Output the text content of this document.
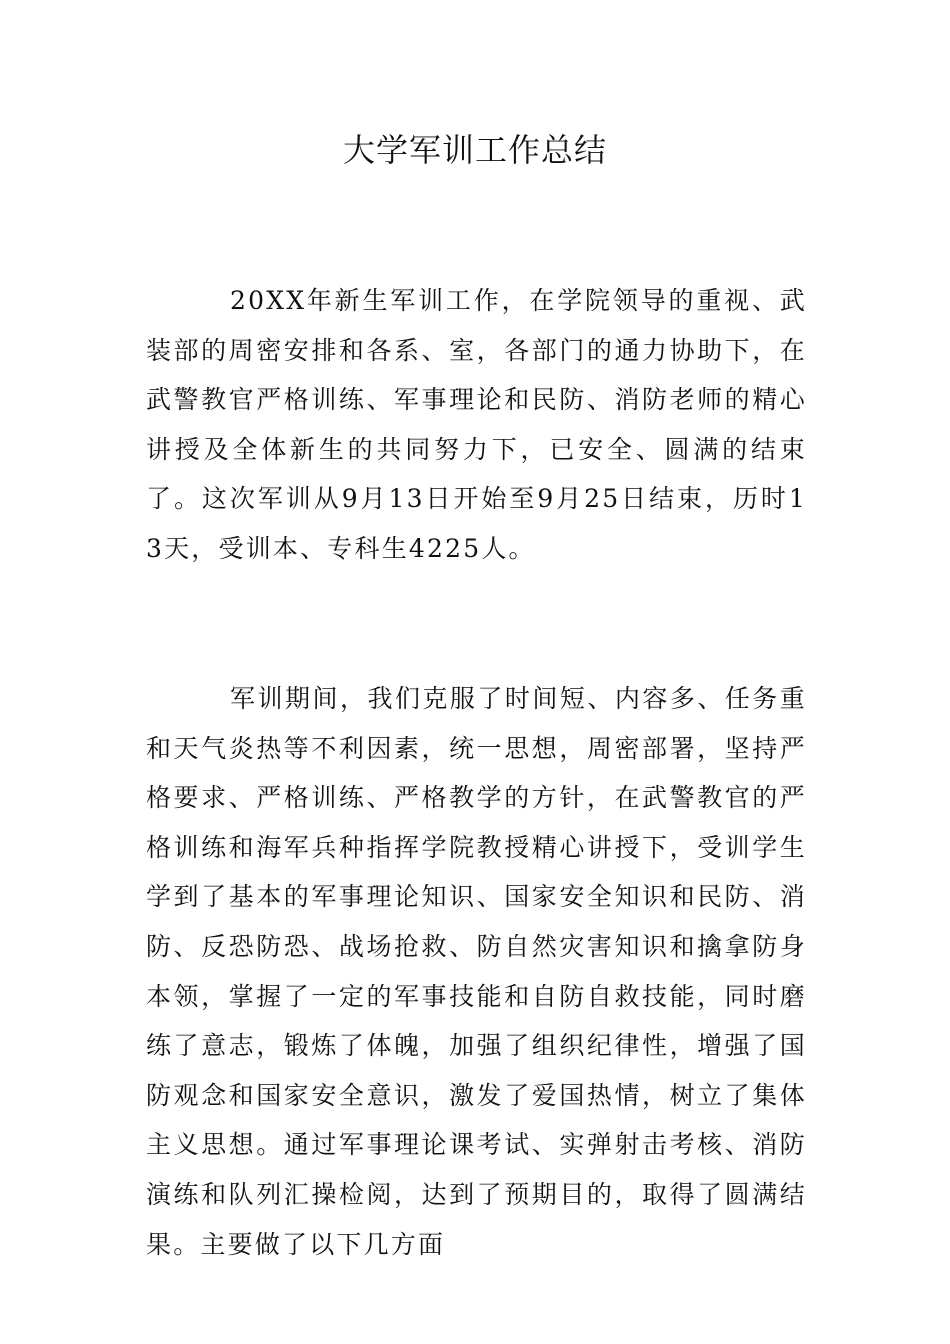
大学军训工作总结

20XX年新生军训工作，在学院领导的重视、武装部的周密安排和各系、室，各部门的通力协助下，在武警教官严格训练、军事理论和民防、消防老师的精心讲授及全体新生的共同努力下，已安全、圆满的结束了。这次军训从9月13日开始至9月25日结束，历时13天，受训本、专科生4225人。

军训期间，我们克服了时间短、内容多、任务重和天气炎热等不利因素，统一思想，周密部署，坚持严格要求、严格训练、严格教学的方针，在武警教官的严格训练和海军兵种指挥学院教授精心讲授下，受训学生学到了基本的军事理论知识、国家安全知识和民防、消防、反恐防恐、战场抢救、防自然灾害知识和擒拿防身本领，掌握了一定的军事技能和自防自救技能，同时磨练了意志，锻炼了体魄，加强了组织纪律性，增强了国防观念和国家安全意识，激发了爱国热情，树立了集体主义思想。通过军事理论课考试、实弹射击考核、消防演练和队列汇操检阅，达到了预期目的，取得了圆满结果。主要做了以下几方面
